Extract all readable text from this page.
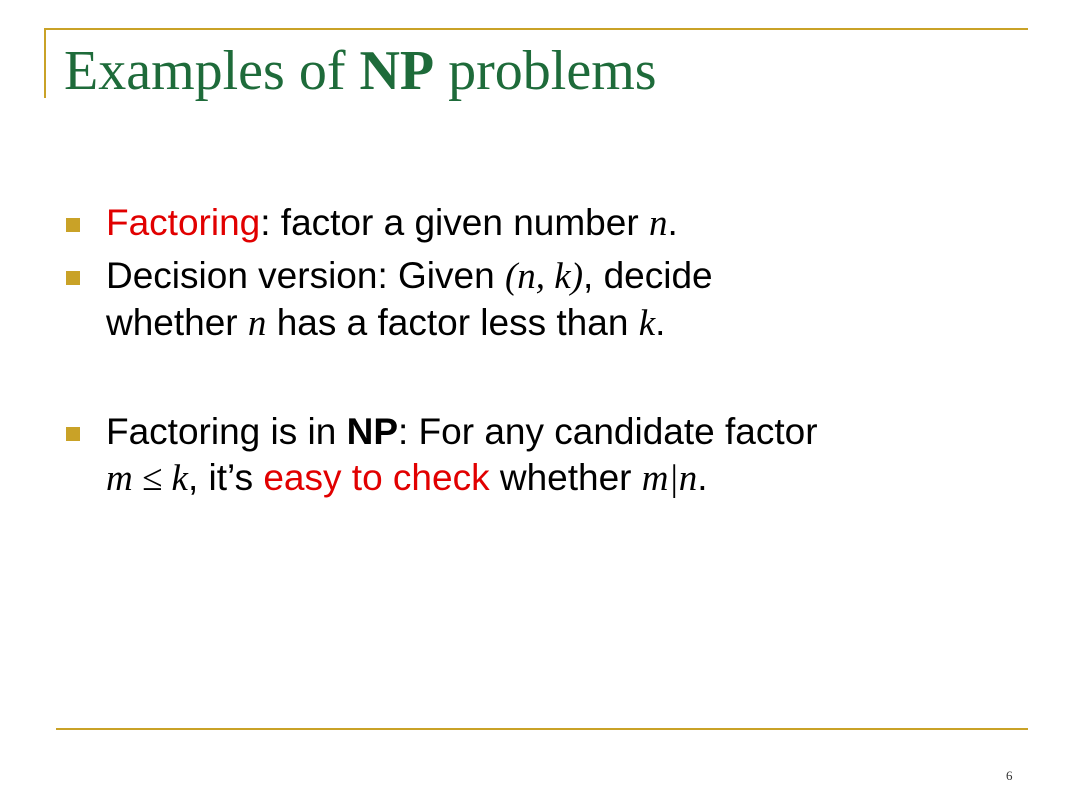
Examples of NP problems
Factoring: factor a given number n.
Decision version: Given (n, k), decide
whether n has a factor less than k.
Factoring is in NP: For any candidate factor
m ≤ k, it’s easy to check whether m|n.
6
